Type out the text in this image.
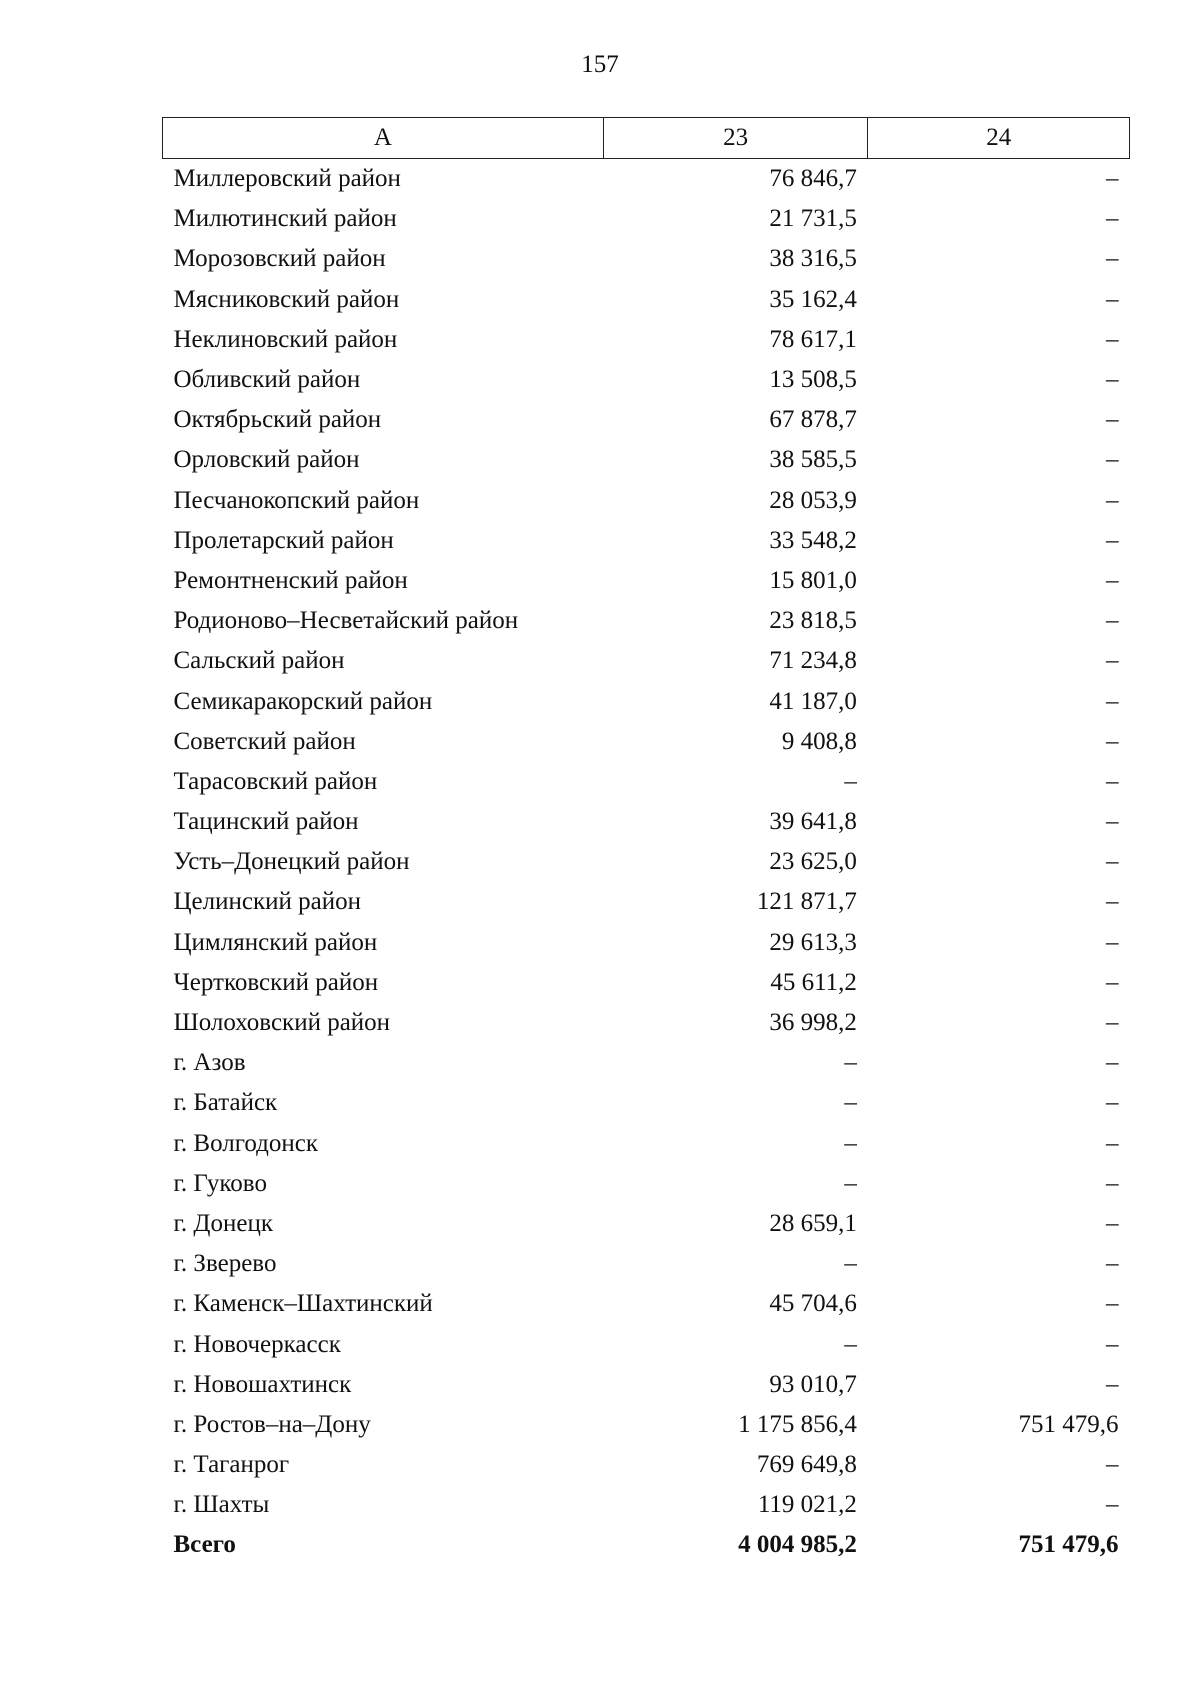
157
А	23	24
Миллеровский район	76 846,7	–
Милютинский район	21 731,5	–
Морозовский район	38 316,5	–
Мясниковский район	35 162,4	–
Неклиновский район	78 617,1	–
Обливский район	13 508,5	–
Октябрьский район	67 878,7	–
Орловский район	38 585,5	–
Песчанокопский район	28 053,9	–
Пролетарский район	33 548,2	–
Ремонтненский район	15 801,0	–
Родионово–Несветайский район	23 818,5	–
Сальский район	71 234,8	–
Семикаракорский район	41 187,0	–
Советский район	9 408,8	–
Тарасовский район	–	–
Тацинский район	39 641,8	–
Усть–Донецкий район	23 625,0	–
Целинский район	121 871,7	–
Цимлянский район	29 613,3	–
Чертковский район	45 611,2	–
Шолоховский район	36 998,2	–
г. Азов	–	–
г. Батайск	–	–
г. Волгодонск	–	–
г. Гуково	–	–
г. Донецк	28 659,1	–
г. Зверево	–	–
г. Каменск–Шахтинский	45 704,6	–
г. Новочеркасск	–	–
г. Новошахтинск	93 010,7	–
г. Ростов–на–Дону	1 175 856,4	751 479,6
г. Таганрог	769 649,8	–
г. Шахты	119 021,2	–
Всего	4 004 985,2	751 479,6
